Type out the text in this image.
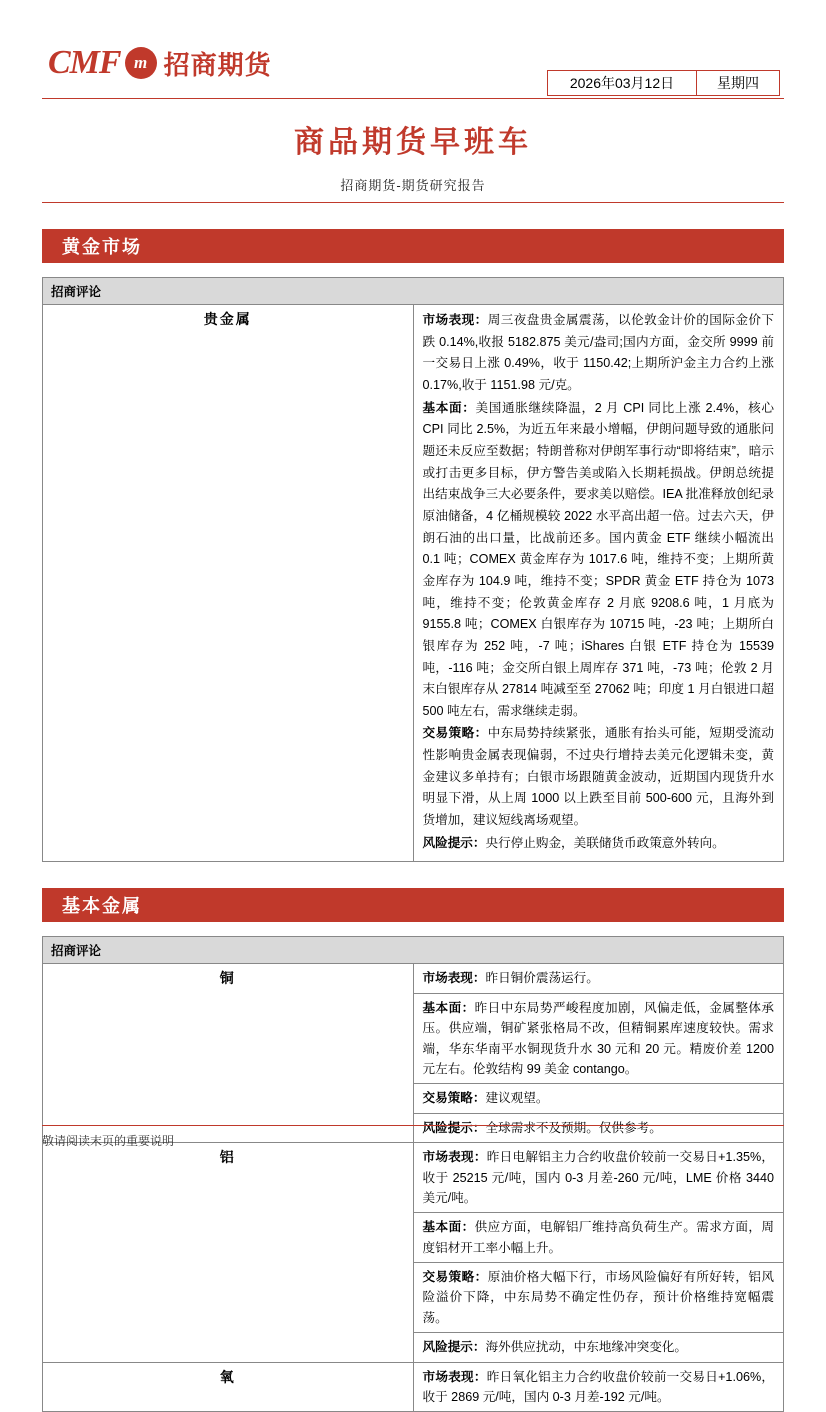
CMF m 招商期货
2026年03月12日	星期四
商品期货早班车
招商期货-期货研究报告
黄金市场
招商评论
贵金属	市场表现：周三夜盘贵金属震荡，以伦敦金计价的国际金价下跌 0.14%,收报 5182.875 美元/盎司;国内方面，金交所 9999 前一交易日上涨 0.49%，收于 1150.42;上期所沪金主力合约上涨 0.17%,收于 1151.98 元/克。

基本面：美国通胀继续降温，2 月 CPI 同比上涨 2.4%，核心 CPI 同比 2.5%，为近五年来最小增幅，伊朗问题导致的通胀问题还未反应至数据；特朗普称对伊朗军事行动“即将结束”，暗示或打击更多目标，伊方警告美或陷入长期耗损战。伊朗总统提出结束战争三大必要条件，要求美以赔偿。IEA 批准释放创纪录原油储备，4 亿桶规模较 2022 水平高出超一倍。过去六天，伊朗石油的出口量，比战前还多。国内黄金 ETF 继续小幅流出 0.1 吨；COMEX 黄金库存为 1017.6 吨，维持不变；上期所黄金库存为 104.9 吨，维持不变；SPDR 黄金 ETF 持仓为 1073 吨，维持不变；伦敦黄金库存 2 月底 9208.6 吨，1 月底为 9155.8 吨；COMEX 白银库存为 10715 吨，-23 吨；上期所白银库存为 252 吨，-7 吨；iShares 白银 ETF 持仓为 15539 吨，-116 吨；金交所白银上周库存 371 吨，-73 吨；伦敦 2 月末白银库存从 27814 吨减至至 27062 吨；印度 1 月白银进口超 500 吨左右，需求继续走弱。

交易策略：中东局势持续紧张，通胀有抬头可能，短期受流动性影响贵金属表现偏弱，不过央行增持去美元化逻辑未变，黄金建议多单持有；白银市场跟随黄金波动，近期国内现货升水明显下滑，从上周 1000 以上跌至目前 500-600 元，且海外到货增加，建议短线离场观望。

风险提示：央行停止购金，美联储货币政策意外转向。

基本金属
招商评论	
铜	市场表现：昨日铜价震荡运行。
基本面：昨日中东局势严峻程度加剧，风偏走低，金属整体承压。供应端，铜矿紧张格局不改，但精铜累库速度较快。需求端，华东华南平水铜现货升水 30 元和 20 元。精废价差 1200 元左右。伦敦结构 99 美金 contango。
交易策略：建议观望。
风险提示：全球需求不及预期。仅供参考。

铝	市场表现：昨日电解铝主力合约收盘价较前一交易日+1.35%，收于 25215 元/吨，国内 0-3 月差-260 元/吨，LME 价格 3440 美元/吨。
基本面：供应方面，电解铝厂维持高负荷生产。需求方面，周度铝材开工率小幅上升。
交易策略：原油价格大幅下行，市场风险偏好有所好转，铝风险溢价下降，中东局势不确定性仍存，预计价格维持宽幅震荡。
风险提示：海外供应扰动，中东地缘冲突变化。

氧	市场表现：昨日氧化铝主力合约收盘价较前一交易日+1.06%，收于 2869 元/吨，国内 0-3 月差-192 元/吨。
敬请阅读末页的重要说明
